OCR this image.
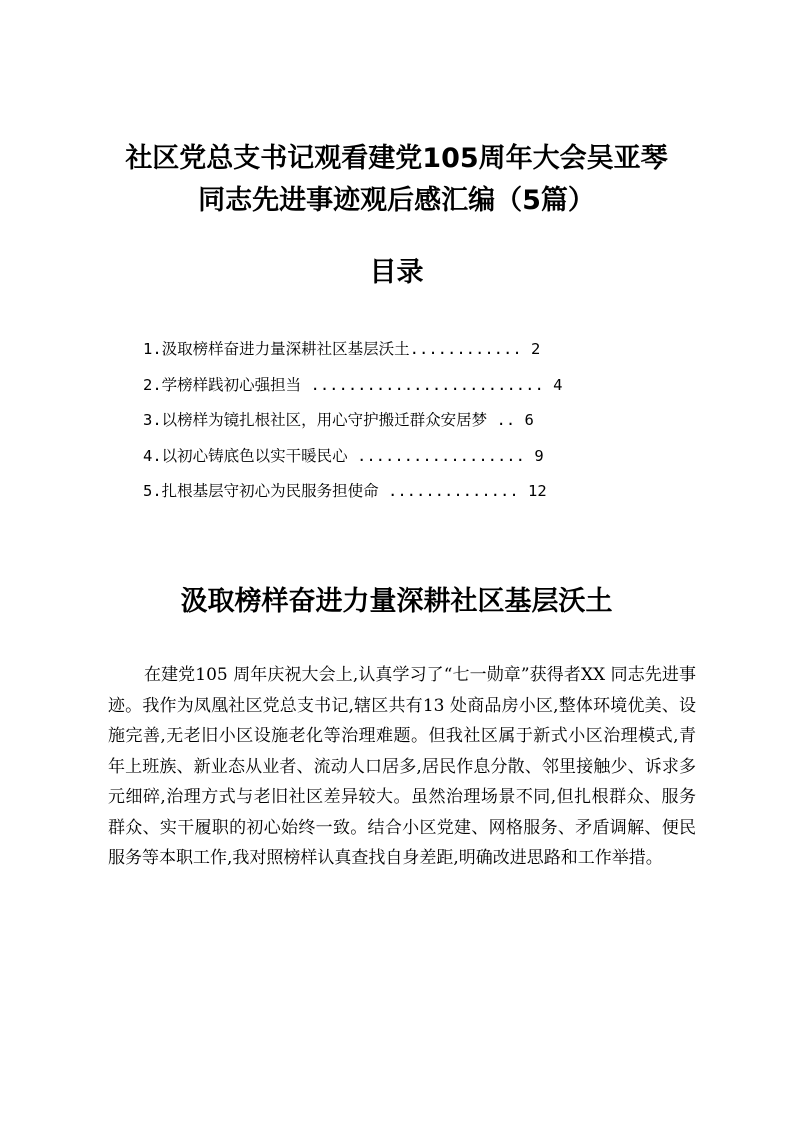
社区党总支书记观看建党105周年大会吴亚琴
同志先进事迹观后感汇编（5篇）
目录
1.汲取榜样奋进力量深耕社区基层沃土............ 2
2.学榜样践初心强担当 ......................... 4
3.以榜样为镜扎根社区，用心守护搬迁群众安居梦 .. 6
4.以初心铸底色以实干暖民心 .................. 9
5.扎根基层守初心为民服务担使命 .............. 12
汲取榜样奋进力量深耕社区基层沃土

在建党105 周年庆祝大会上,认真学习了“七一勋章”获得者XX 同志先进事迹。我作为凤凰社区党总支书记,辖区共有13 处商品房小区,整体环境优美、设施完善,无老旧小区设施老化等治理难题。但我社区属于新式小区治理模式,青年上班族、新业态从业者、流动人口居多,居民作息分散、邻里接触少、诉求多元细碎,治理方式与老旧社区差异较大。虽然治理场景不同,但扎根群众、服务群众、实干履职的初心始终一致。结合小区党建、网格服务、矛盾调解、便民服务等本职工作,我对照榜样认真查找自身差距,明确改进思路和工作举措。
